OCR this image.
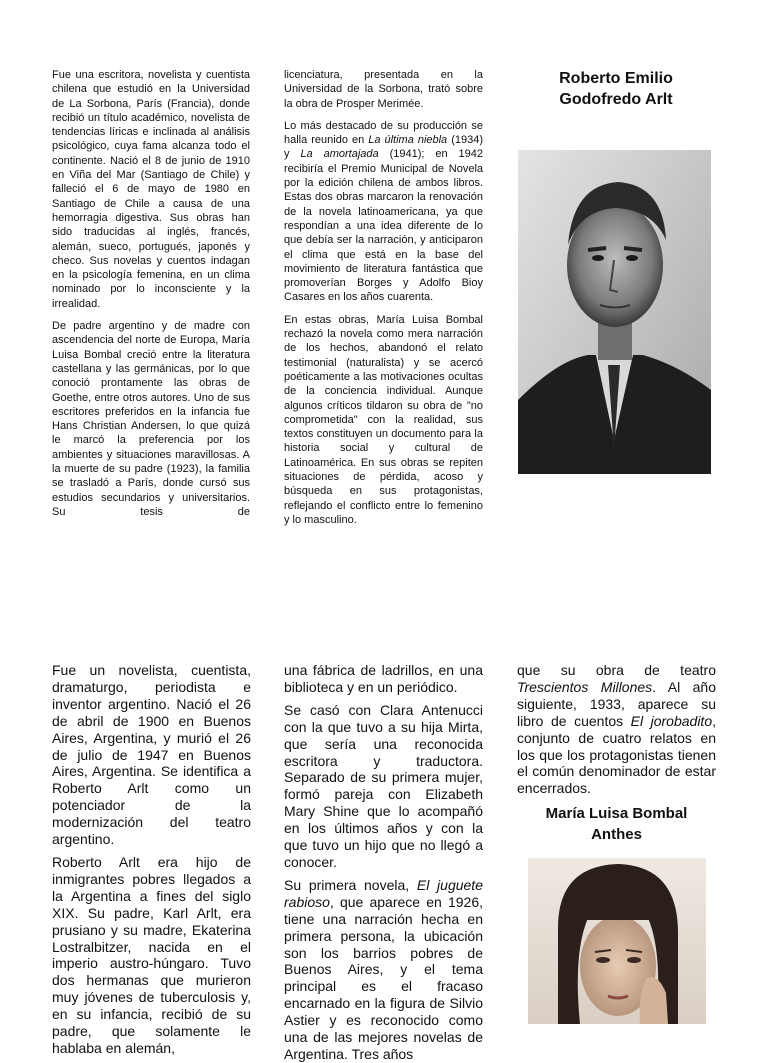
Fue una escritora, novelista y cuentista chilena que estudió en la Universidad de La Sorbona, París (Francia), donde recibió un título académico, novelista de tendencias líricas e inclinada al análisis psicológico, cuya fama alcanza todo el continente. Nació el 8 de junio de 1910 en Viña del Mar (Santiago de Chile) y falleció el 6 de mayo de 1980 en Santiago de Chile a causa de una hemorragia digestiva. Sus obras han sido traducidas al inglés, francés, alemán, sueco, portugués, japonés y checo. Sus novelas y cuentos indagan en la psicología femenina, en un clima nominado por lo inconsciente y la irrealidad.

De padre argentino y de madre con ascendencia del norte de Europa, María Luisa Bombal creció entre la literatura castellana y las germánicas, por lo que conoció prontamente las obras de Goethe, entre otros autores. Uno de sus escritores preferidos en la infancia fue Hans Christian Andersen, lo que quizá le marcó la preferencia por los ambientes y situaciones maravillosas. A la muerte de su padre (1923), la familia se trasladó a París, donde cursó sus estudios secundarios y universitarios. Su tesis de

licenciatura, presentada en la Universidad de la Sorbona, trató sobre la obra de Prosper Merimée.

Lo más destacado de su producción se halla reunido en La última niebla (1934) y La amortajada (1941); en 1942 recibiría el Premio Municipal de Novela por la edición chilena de ambos libros. Estas dos obras marcaron la renovación de la novela latinoamericana, ya que respondían a una idea diferente de lo que debía ser la narración, y anticiparon el clima que está en la base del movimiento de literatura fantástica que promoverían Borges y Adolfo Bioy Casares en los años cuarenta.

En estas obras, María Luisa Bombal rechazó la novela como mera narración de los hechos, abandonó el relato testimonial (naturalista) y se acercó poéticamente a las motivaciones ocultas de la conciencia individual. Aunque algunos críticos tildaron su obra de "no comprometida" con la realidad, sus textos constituyen un documento para la historia social y cultural de Latinoamérica. En sus obras se repiten situaciones de pérdida, acoso y búsqueda en sus protagonistas, reflejando el conflicto entre lo femenino y lo masculino.

Roberto Emilio Godofredo Arlt

Fue un novelista, cuentista, dramaturgo, periodista e inventor argentino. Nació el 26 de abril de 1900 en Buenos Aires, Argentina, y murió el 26 de julio de 1947 en Buenos Aires, Argentina. Se identifica a Roberto Arlt como un potenciador de la modernización del teatro argentino.

Roberto Arlt era hijo de inmigrantes pobres llegados a la Argentina a fines del siglo XIX. Su padre, Karl Arlt, era prusiano y su madre, Ekaterina Lostralbitzer, nacida en el imperio austro-húngaro. Tuvo dos hermanas que murieron muy jóvenes de tuberculosis y, en su infancia, recibió de su padre, que solamente le hablaba en alemán,

una fábrica de ladrillos, en una biblioteca y en un periódico.

Se casó con Clara Antenucci con la que tuvo a su hija Mirta, que sería una reconocida escritora y traductora. Separado de su primera mujer, formó pareja con Elizabeth Mary Shine que lo acompañó en los últimos años y con la que tuvo un hijo que no llegó a conocer.

Su primera novela, El juguete rabioso, que aparece en 1926, tiene una narración hecha en primera persona, la ubicación son los barrios pobres de Buenos Aires, y el tema principal es el fracaso encarnado en la figura de Silvio Astier y es reconocido como una de las mejores novelas de Argentina. Tres años

que su obra de teatro Trescientos Millones. Al año siguiente, 1933, aparece su libro de cuentos El jorobadito, conjunto de cuatro relatos en los que los protagonistas tienen el común denominador de estar encerrados.

María Luisa Bombal Anthes
